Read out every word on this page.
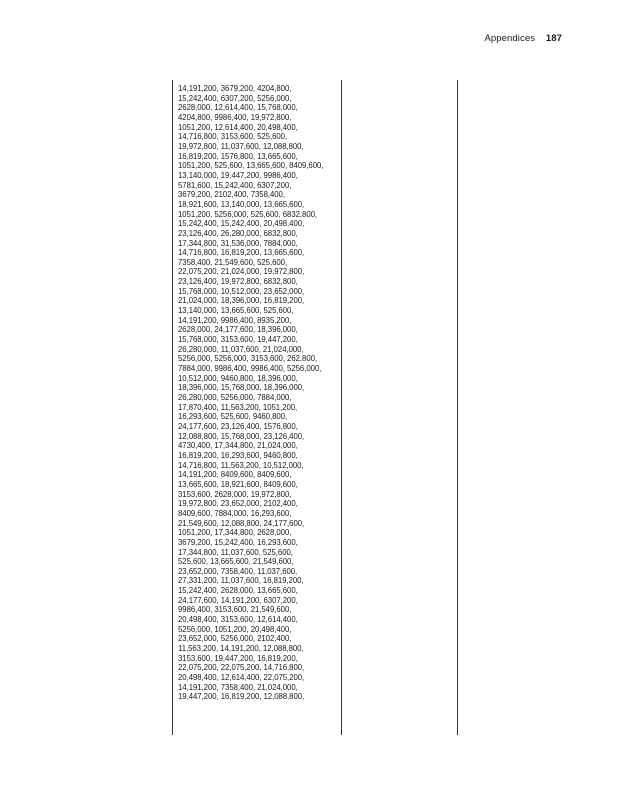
Appendices 187
14,191,200, 3679,200, 4204,800,
15,242,400, 6307,200, 5256,000,
2628,000, 12,614,400, 15,768,000,
4204,800, 9986,400, 19,972,800,
1051,200, 12,614,400, 20,498,400,
14,716,800, 3153,600, 525,600,
19,972,800, 11,037,600, 12,088,800,
16,819,200, 1576,800, 13,665,600,
1051,200, 525,600, 13,665,600, 8409,600,
13,140,000, 19,447,200, 9986,400,
5781,600, 15,242,400, 6307,200,
3679,200, 2102,400, 7358,400,
18,921,600, 13,140,000, 13,665,600,
1051,200, 5256,000, 525,600, 6832,800,
15,242,400, 15,242,400, 20,498,400,
23,126,400, 26,280,000, 6832,800,
17,344,800, 31,536,000, 7884,000,
14,716,800, 16,819,200, 13,665,600,
7358,400, 21,549,600, 525,600,
22,075,200, 21,024,000, 19,972,800,
23,126,400, 19,972,800, 6832,800,
15,768,000, 10,512,000, 23,652,000,
21,024,000, 18,396,000, 16,819,200,
13,140,000, 13,665,600, 525,600,
14,191,200, 9986,400, 8935,200,
2628,000, 24,177,600, 18,396,000,
15,768,000, 3153,600, 19,447,200,
26,280,000, 11,037,600, 21,024,000,
5256,000, 5256,000, 3153,600, 262,800,
7884,000, 9986,400, 9986,400, 5256,000,
10,512,000, 9460,800, 18,396,000,
18,396,000, 15,768,000, 18,396,000,
26,280,000, 5256,000, 7884,000,
17,870,400, 11,563,200, 1051,200,
16,293,600, 525,600, 9460,800,
24,177,600, 23,126,400, 1576,800,
12,088,800, 15,768,000, 23,126,400,
4730,400, 17,344,800, 21,024,000,
16,819,200, 16,293,600, 9460,800,
14,716,800, 11,563,200, 10,512,000,
14,191,200, 8409,600, 8409,600,
13,665,600, 18,921,600, 8409,600,
3153,600, 2628,000, 19,972,800,
19,972,800, 23,652,000, 2102,400,
8409,600, 7884,000, 16,293,600,
21,549,600, 12,088,800, 24,177,600,
1051,200, 17,344,800, 2628,000,
3679,200, 15,242,400, 16,293,600,
17,344,800, 11,037,600, 525,600,
525,600, 13,665,600, 21,549,600,
23,652,000, 7358,400, 11,037,600,
27,331,200, 11,037,600, 16,819,200,
15,242,400, 2628,000, 13,665,600,
24,177,600, 14,191,200, 6307,200,
9986,400, 3153,600, 21,549,600,
20,498,400, 3153,600, 12,614,400,
5256,000, 1051,200, 20,498,400,
23,652,000, 5256,000, 2102,400,
11,563,200, 14,191,200, 12,088,800,
3153,600, 19,447,200, 16,819,200,
22,075,200, 22,075,200, 14,716,800,
20,498,400, 12,614,400, 22,075,200,
14,191,200, 7358,400, 21,024,000,
19,447,200, 16,819,200, 12,088,800,
